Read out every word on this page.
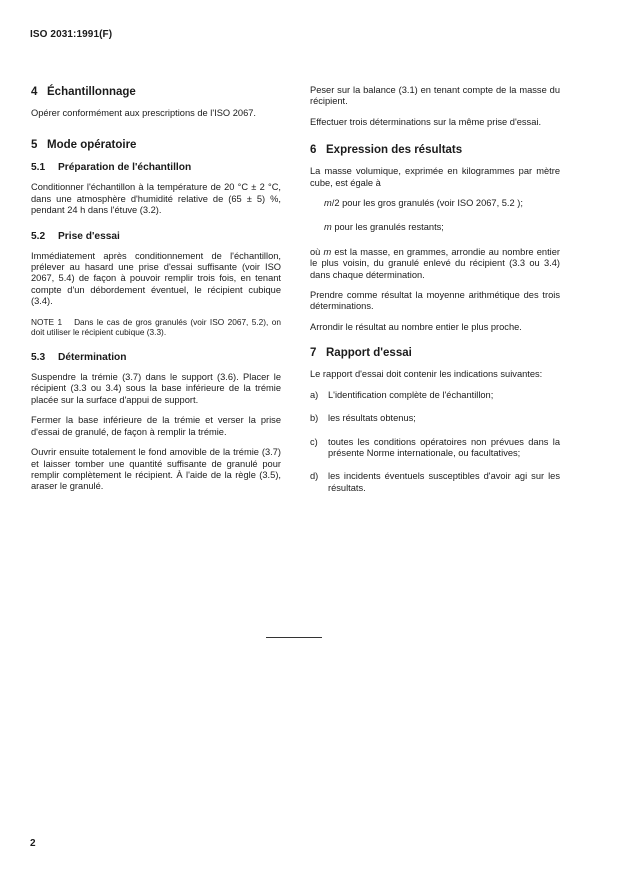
ISO 2031:1991(F)
4 Échantillonnage
Opérer conformément aux prescriptions de l'ISO 2067.
5 Mode opératoire
5.1	Préparation de l'échantillon
Conditionner l'échantillon à la température de 20 °C ± 2 °C, dans une atmosphère d'humidité relative de (65 ± 5) %, pendant 24 h dans l'étuve (3.2).
5.2	Prise d'essai
Immédiatement après conditionnement de l'échantillon, prélever au hasard une prise d'essai suffisante (voir ISO 2067, 5.4) de façon à pouvoir remplir trois fois, en tenant compte d'un débordement éventuel, le récipient cubique (3.4).
NOTE 1 Dans le cas de gros granulés (voir ISO 2067, 5.2), on doit utiliser le récipient cubique (3.3).
5.3	Détermination
Suspendre la trémie (3.7) dans le support (3.6). Placer le récipient (3.3 ou 3.4) sous la base inférieure de la trémie placée sur la surface d'appui de support.
Fermer la base inférieure de la trémie et verser la prise d'essai de granulé, de façon à remplir la trémie.
Ouvrir ensuite totalement le fond amovible de la trémie (3.7) et laisser tomber une quantité suffisante de granulé pour remplir complètement le récipient. À l'aide de la règle (3.5), araser le granulé.
Peser sur la balance (3.1) en tenant compte de la masse du récipient.
Effectuer trois déterminations sur la même prise d'essai.
6 Expression des résultats
La masse volumique, exprimée en kilogrammes par mètre cube, est égale à
m/2 pour les gros granulés (voir ISO 2067, 5.2 );
m pour les granulés restants;
où m est la masse, en grammes, arrondie au nombre entier le plus voisin, du granulé enlevé du récipient (3.3 ou 3.4) dans chaque détermination.
Prendre comme résultat la moyenne arithmétique des trois déterminations.
Arrondir le résultat au nombre entier le plus proche.
7 Rapport d'essai
Le rapport d'essai doit contenir les indications suivantes:
a)	L'identification complète de l'échantillon;
b)	les résultats obtenus;
c)	toutes les conditions opératoires non prévues dans la présente Norme internationale, ou facultatives;
d)	les incidents éventuels susceptibles d'avoir agi sur les résultats.
2
